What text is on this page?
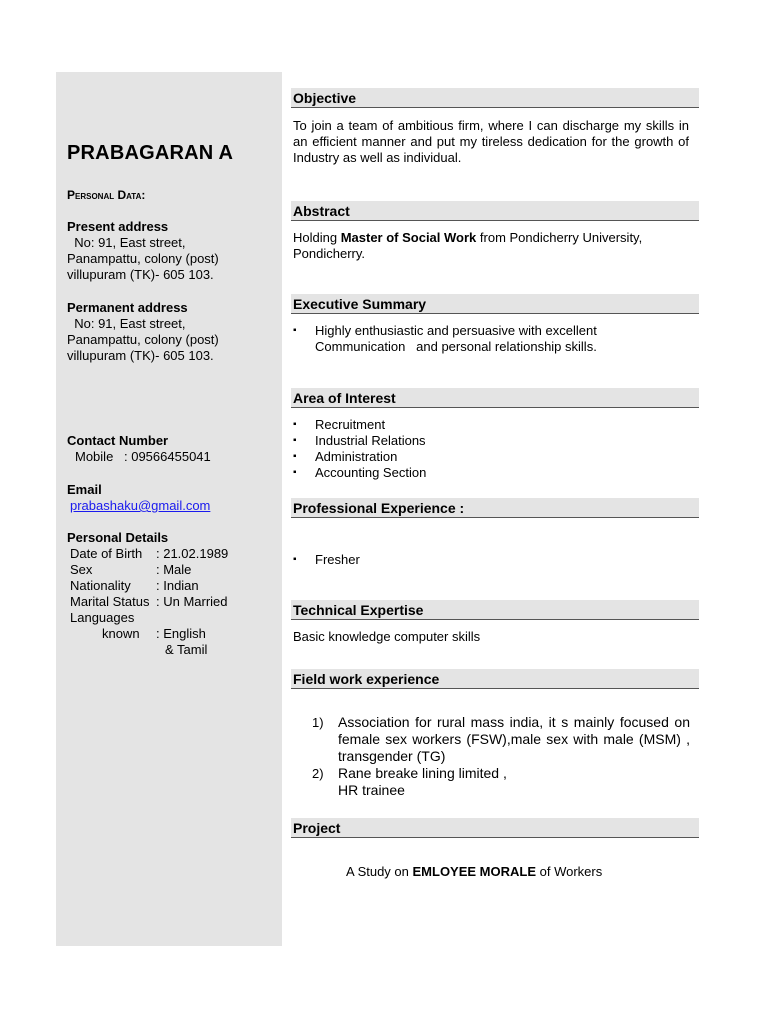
PRABAGARAN A
Personal Data:
Present address
No: 91, East street,
Panampattu, colony (post)
villupuram (TK)- 605 103.
Permanent address
No: 91, East street,
Panampattu, colony (post)
villupuram (TK)- 605 103.
Contact Number
Mobile : 09566455041
Email
prabashaku@gmail.com
Personal Details
Date of Birth : 21.02.1989
Sex	: Male
Nationality : Indian
Marital Status : Un Married
Languages
known : English
& Tamil
Objective
To join a team of ambitious firm, where I can discharge my skills in an efficient manner and put my tireless dedication for the growth of Industry as well as individual.
Abstract
Holding Master of Social Work from Pondicherry University, Pondicherry.
Executive Summary
▪ Highly enthusiastic and persuasive with excellent Communication   and personal relationship skills.
Area of Interest
▪ Recruitment
▪ Industrial Relations
▪ Administration
▪ Accounting Section
Professional Experience :
▪ Fresher
Technical Expertise
Basic knowledge computer skills
Field work experience
1) Association for rural mass india, it s mainly focused on female sex workers (FSW),male sex with male (MSM) , transgender (TG)
2) Rane breake lining limited ,
HR trainee
Project
A Study on EMLOYEE MORALE of Workers
